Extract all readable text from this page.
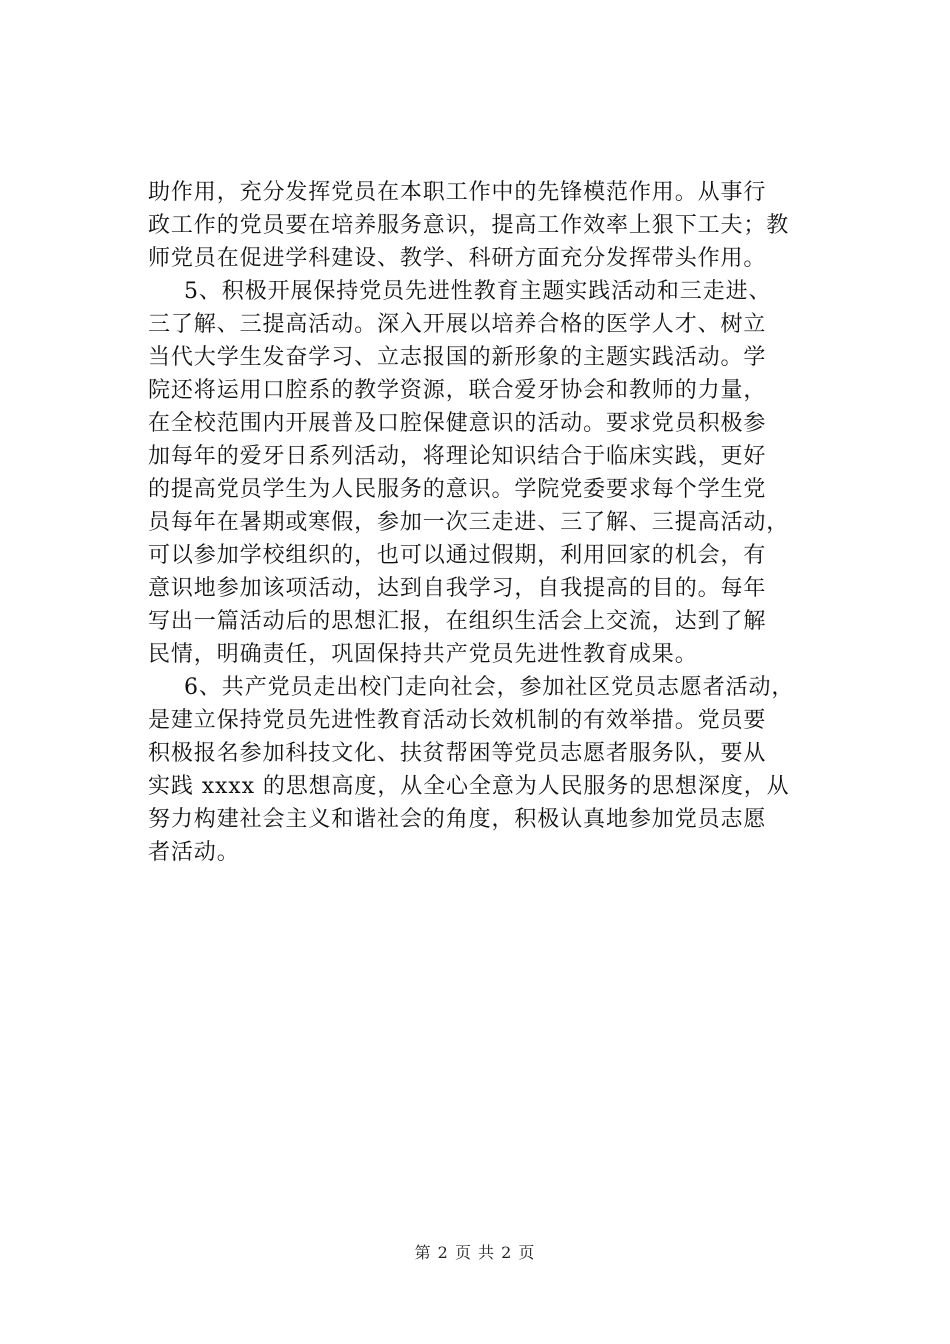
助作用，充分发挥党员在本职工作中的先锋模范作用。从事行
政工作的党员要在培养服务意识，提高工作效率上狠下工夫；教
师党员在促进学科建设、教学、科研方面充分发挥带头作用。
5、积极开展保持党员先进性教育主题实践活动和三走进、
三了解、三提高活动。深入开展以培养合格的医学人才、树立
当代大学生发奋学习、立志报国的新形象的主题实践活动。学
院还将运用口腔系的教学资源，联合爱牙协会和教师的力量，
在全校范围内开展普及口腔保健意识的活动。要求党员积极参
加每年的爱牙日系列活动，将理论知识结合于临床实践，更好
的提高党员学生为人民服务的意识。学院党委要求每个学生党
员每年在暑期或寒假，参加一次三走进、三了解、三提高活动，
可以参加学校组织的，也可以通过假期，利用回家的机会，有
意识地参加该项活动，达到自我学习，自我提高的目的。每年
写出一篇活动后的思想汇报，在组织生活会上交流，达到了解
民情，明确责任，巩固保持共产党员先进性教育成果。
6、共产党员走出校门走向社会，参加社区党员志愿者活动，
是建立保持党员先进性教育活动长效机制的有效举措。党员要
积极报名参加科技文化、扶贫帮困等党员志愿者服务队，要从
实践 xxxx 的思想高度，从全心全意为人民服务的思想深度，从
努力构建社会主义和谐社会的角度，积极认真地参加党员志愿
者活动。
第 2 页 共 2 页
